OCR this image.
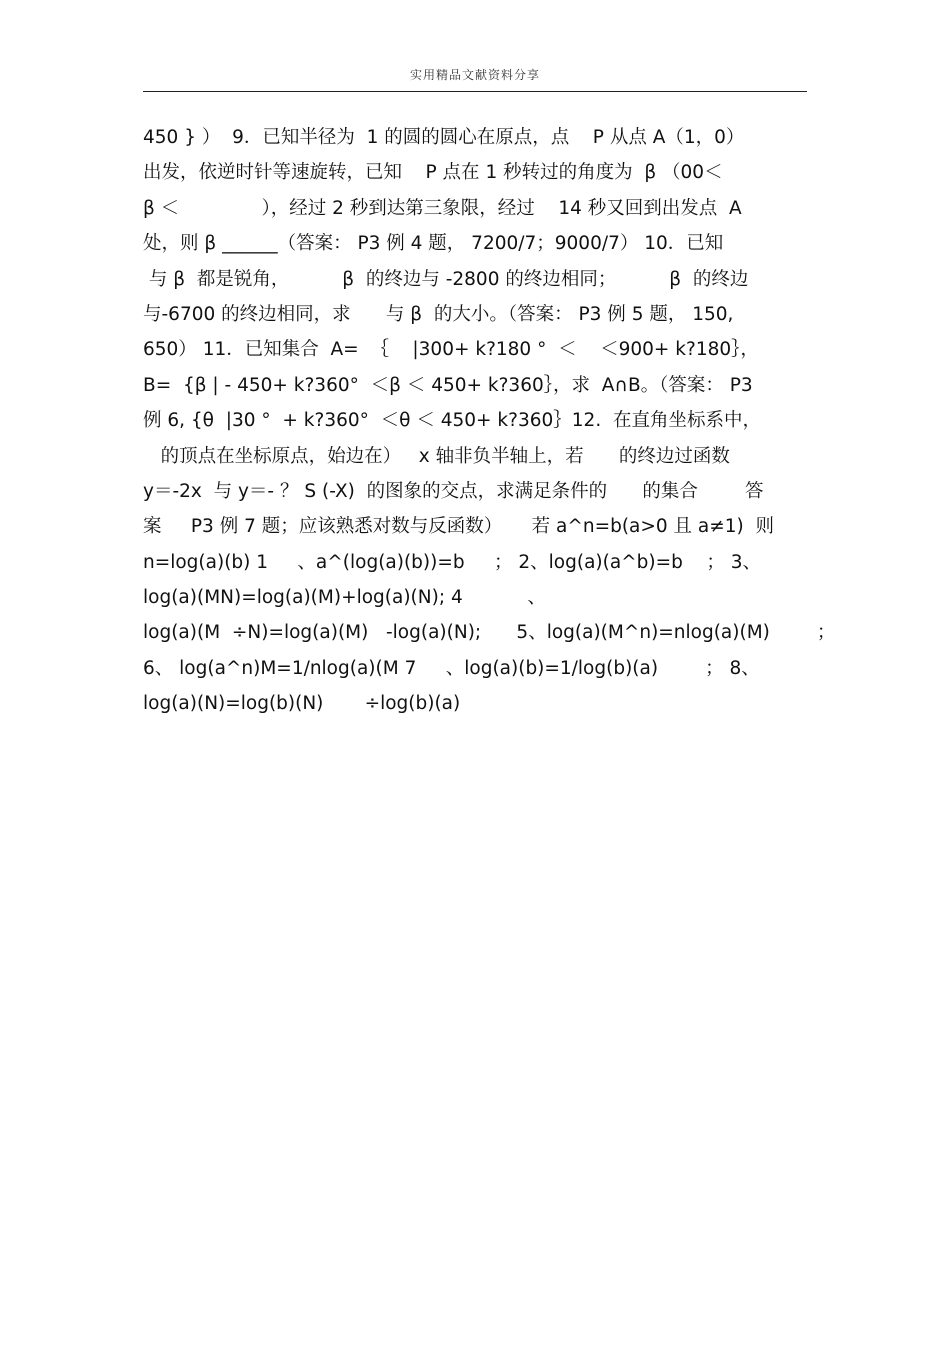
实用精品文献资料分享
450 } ）  9．已知半径为  1 的圆的圆心在原点，点    P 从点 A（1，0）
出发，依逆时针等速旋转，已知    P 点在 1 秒转过的角度为  β （00＜
β ＜              ），经过 2 秒到达第三象限，经过    14 秒又回到出发点  A
处，则 β ______（答案： P3 例 4 题， 7200/7；9000/7） 10．已知
与 β  都是锐角，         β  的终边与 -2800 的终边相同；         β  的终边
与-6700 的终边相同，求      与 β  的大小。（答案： P3 例 5 题， 150,
650） 11．已知集合  A=  ｛    |300+ k?180 °  ＜    ＜900+ k?180｝，
B=  {β | - 450+ k?360°  ＜β ＜ 450+ k?360｝，求  A∩B。（答案： P3
例 6, {θ  |30 °  + k?360°  ＜θ ＜ 450+ k?360｝12.  在直角坐标系中，
的顶点在坐标原点，始边在）   x 轴非负半轴上，若      的终边过函数
y＝-2x  与 y＝- ？ S (-X)  的图象的交点，求满足条件的      的集合        答
案     P3 例 7 题；应该熟悉对数与反函数）     若 a^n=b(a>0 且 a≠1)  则
n=log(a)(b) 1     、a^(log(a)(b))=b     ； 2、log(a)(a^b)=b    ； 3、
log(a)(MN)=log(a)(M)+log(a)(N); 4           、
log(a)(M  ÷N)=log(a)(M)   -log(a)(N);      5、log(a)(M^n)=nlog(a)(M)        ；
6、 log(a^n)M=1/nlog(a)(M 7     、log(a)(b)=1/log(b)(a)        ； 8、
log(a)(N)=log(b)(N)       ÷log(b)(a)
